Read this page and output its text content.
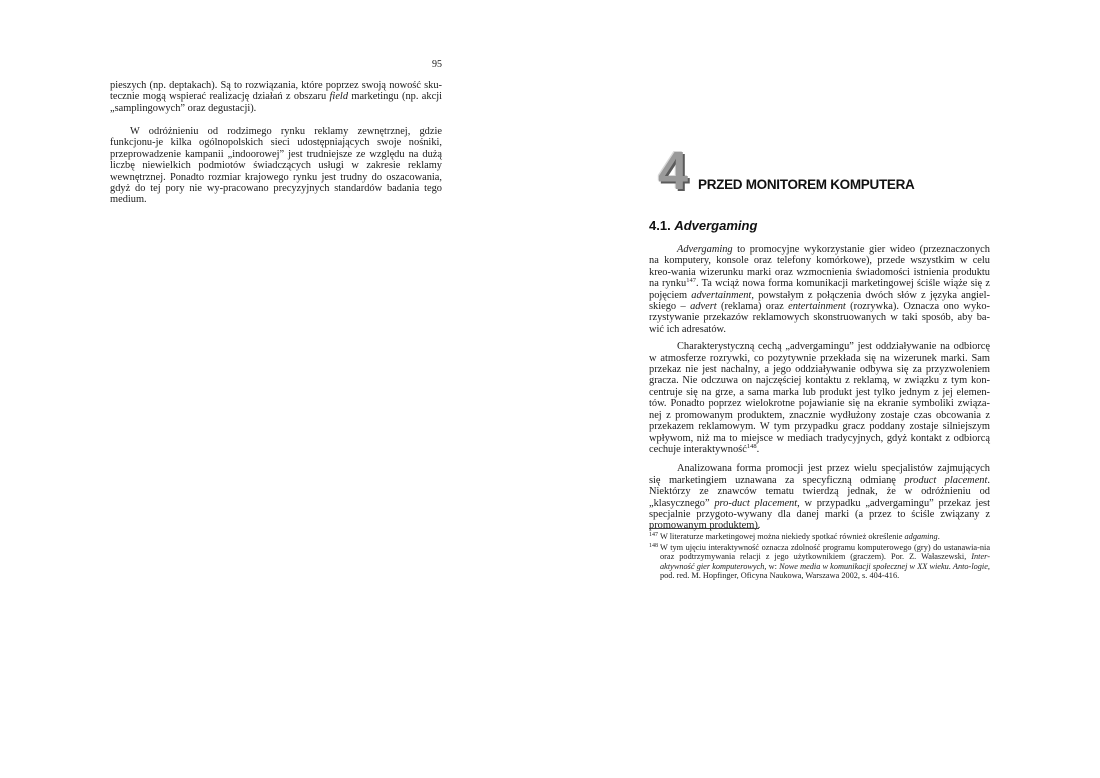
95
pieszych (np. deptakach). Są to rozwiązania, które poprzez swoją nowość sku-tecznie mogą wspierać realizację działań z obszaru field marketingu (np. akcji „samplingowych” oraz degustacji).
W odróżnieniu od rodzimego rynku reklamy zewnętrznej, gdzie funkcjonu-je kilka ogólnopolskich sieci udostępniających swoje nośniki, przeprowadzenie kampanii „indoorowej” jest trudniejsze ze względu na dużą liczbę niewielkich podmiotów świadczących usługi w zakresie reklamy wewnętrznej. Ponadto rozmiar krajowego rynku jest trudny do oszacowania, gdyż do tej pory nie wy-pracowano precyzyjnych standardów badania tego medium.	4 PRZED MONITOREM KOMPUTERA
4.1. Advergaming

Advergaming to promocyjne wykorzystanie gier wideo (przeznaczonych na komputery, konsole oraz telefony komórkowe), przede wszystkim w celu kreo-wania wizerunku marki oraz wzmocnienia świadomości istnienia produktu na rynku$^{147}$. Ta wciąż nowa forma komunikacji marketingowej ściśle wiąże się z pojęciem advertainment, powstałym z połączenia dwóch słów z języka angiel-skiego – advert (reklama) oraz entertainment (rozrywka). Oznacza ono wyko-rzystywanie przekazów reklamowych skonstruowanych w taki sposób, aby ba-wić ich adresatów.

Charakterystyczną cechą „advergamingu” jest oddziaływanie na odbiorcę w atmosferze rozrywki, co pozytywnie przekłada się na wizerunek marki. Sam przekaz nie jest nachalny, a jego oddziaływanie odbywa się za przyzwoleniem gracza. Nie odczuwa on najczęściej kontaktu z reklamą, w związku z tym kon-centruje się na grze, a sama marka lub produkt jest tylko jednym z jej elemen-tów. Ponadto poprzez wielokrotne pojawianie się na ekranie symboliki związa-nej z promowanym produktem, znacznie wydłużony zostaje czas obcowania z przekazem reklamowym. W tym przypadku gracz poddany zostaje silniejszym wpływom, niż ma to miejsce w mediach tradycyjnych, gdyż kontakt z odbiorcą cechuje interaktywność$^{148}$.

Analizowana forma promocji jest przez wielu specjalistów zajmujących się marketingiem uznawana za specyficzną odmianę product placement. Niektórzy ze znawców tematu twierdzą jednak, że w odróżnieniu od „klasycznego” pro-duct placement, w przypadku „advergamingu” przekaz jest specjalnie przygoto-wywany dla danej marki (a przez to ściśle związany z promowanym produktem).

147 W literaturze marketingowej można niekiedy spotkać również określenie adgaming.
148 W tym ujęciu interaktywność oznacza zdolność programu komputerowego (gry) do ustanawia-nia oraz podtrzymywania relacji z jego użytkownikiem (graczem). Por. Z. Wałaszewski, Inter-aktywność gier komputerowych, w: Nowe media w komunikacji społecznej w XX wieku. Anto-logie, pod. red. M. Hopfinger, Oficyna Naukowa, Warszawa 2002, s. 404-416.
